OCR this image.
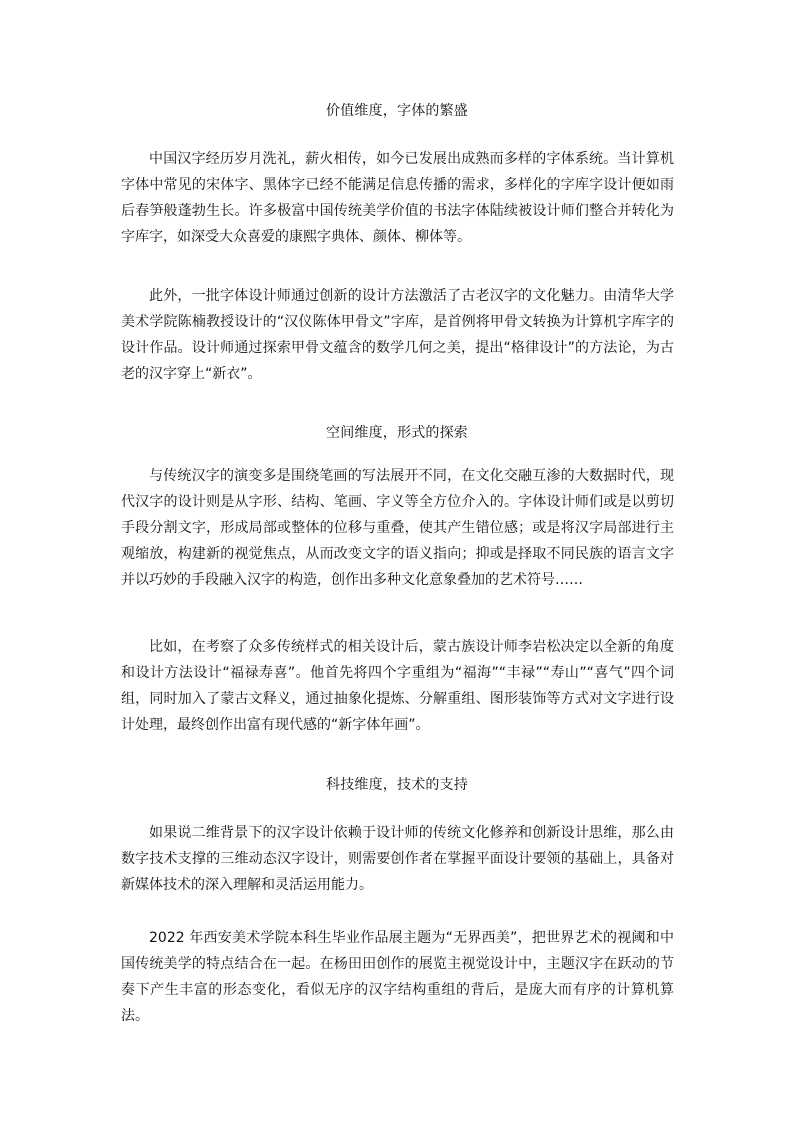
价值维度，字体的繁盛

中国汉字经历岁月洗礼，薪火相传，如今已发展出成熟而多样的字体系统。当计算机字体中常见的宋体字、黑体字已经不能满足信息传播的需求，多样化的字库字设计便如雨后春笋般蓬勃生长。许多极富中国传统美学价值的书法字体陆续被设计师们整合并转化为字库字，如深受大众喜爱的康熙字典体、颜体、柳体等。

此外，一批字体设计师通过创新的设计方法激活了古老汉字的文化魅力。由清华大学美术学院陈楠教授设计的“汉仪陈体甲骨文”字库，是首例将甲骨文转换为计算机字库字的设计作品。设计师通过探索甲骨文蕴含的数学几何之美，提出“格律设计”的方法论，为古老的汉字穿上“新衣”。

空间维度，形式的探索

与传统汉字的演变多是围绕笔画的写法展开不同，在文化交融互渗的大数据时代，现代汉字的设计则是从字形、结构、笔画、字义等全方位介入的。字体设计师们或是以剪切手段分割文字，形成局部或整体的位移与重叠，使其产生错位感；或是将汉字局部进行主观缩放，构建新的视觉焦点，从而改变文字的语义指向；抑或是择取不同民族的语言文字并以巧妙的手段融入汉字的构造，创作出多种文化意象叠加的艺术符号……

比如，在考察了众多传统样式的相关设计后，蒙古族设计师李岩松决定以全新的角度和设计方法设计“福禄寿喜”。他首先将四个字重组为“福海”“丰禄”“寿山”“喜气”四个词组，同时加入了蒙古文释义，通过抽象化提炼、分解重组、图形装饰等方式对文字进行设计处理，最终创作出富有现代感的“新字体年画”。

科技维度，技术的支持

如果说二维背景下的汉字设计依赖于设计师的传统文化修养和创新设计思维，那么由数字技术支撑的三维动态汉字设计，则需要创作者在掌握平面设计要领的基础上，具备对新媒体技术的深入理解和灵活运用能力。

2022 年西安美术学院本科生毕业作品展主题为“无界西美”，把世界艺术的视阈和中国传统美学的特点结合在一起。在杨田田创作的展览主视觉设计中，主题汉字在跃动的节奏下产生丰富的形态变化，看似无序的汉字结构重组的背后，是庞大而有序的计算机算法。
